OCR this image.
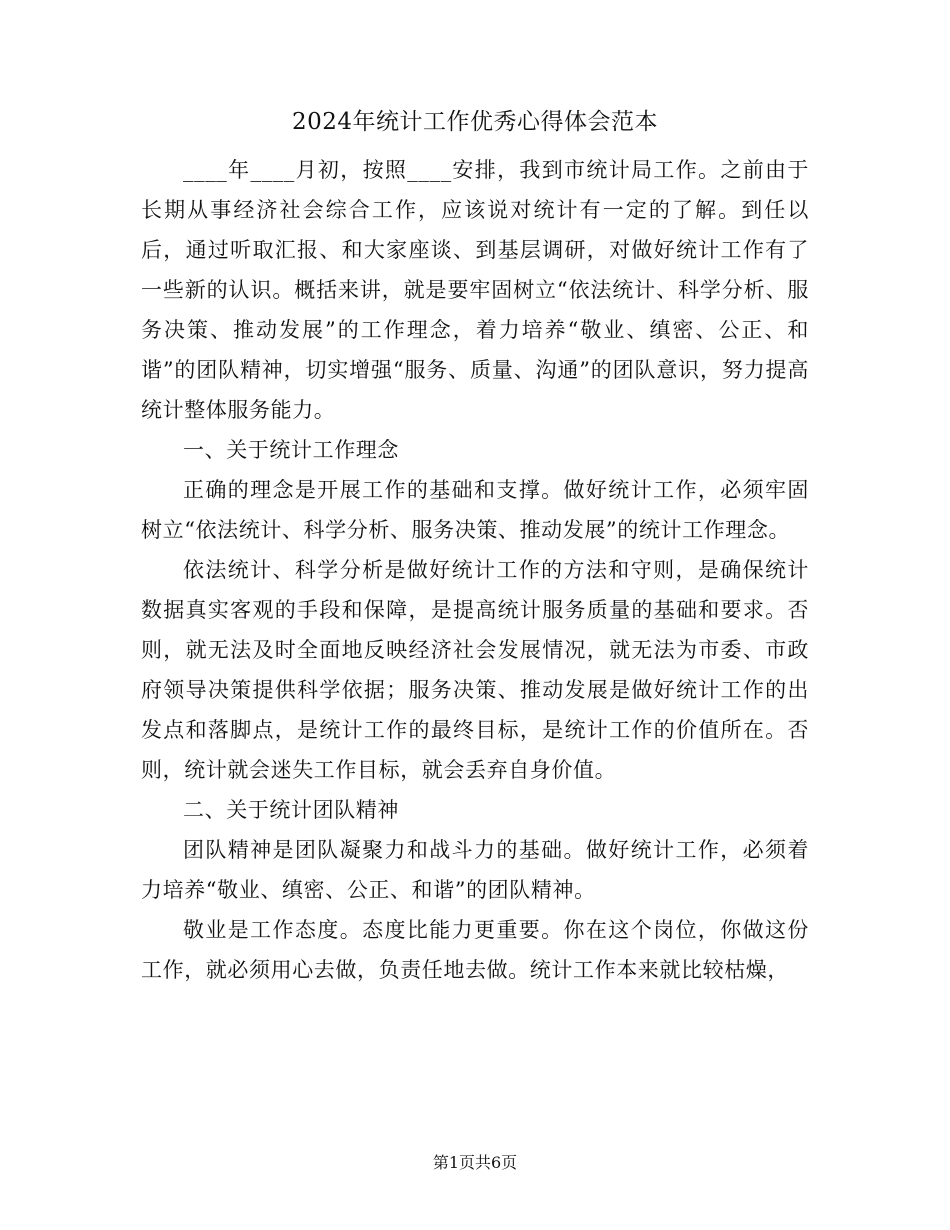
2024年统计工作优秀心得体会范本

____年____月初，按照____安排，我到市统计局工作。之前由于长期从事经济社会综合工作，应该说对统计有一定的了解。到任以后，通过听取汇报、和大家座谈、到基层调研，对做好统计工作有了一些新的认识。概括来讲，就是要牢固树立“依法统计、科学分析、服务决策、推动发展”的工作理念，着力培养“敬业、缜密、公正、和谐”的团队精神，切实增强“服务、质量、沟通”的团队意识，努力提高统计整体服务能力。

一、关于统计工作理念

正确的理念是开展工作的基础和支撑。做好统计工作，必须牢固树立“依法统计、科学分析、服务决策、推动发展”的统计工作理念。

依法统计、科学分析是做好统计工作的方法和守则，是确保统计数据真实客观的手段和保障，是提高统计服务质量的基础和要求。否则，就无法及时全面地反映经济社会发展情况，就无法为市委、市政府领导决策提供科学依据；服务决策、推动发展是做好统计工作的出发点和落脚点，是统计工作的最终目标，是统计工作的价值所在。否则，统计就会迷失工作目标，就会丢弃自身价值。

二、关于统计团队精神

团队精神是团队凝聚力和战斗力的基础。做好统计工作，必须着力培养“敬业、缜密、公正、和谐”的团队精神。

敬业是工作态度。态度比能力更重要。你在这个岗位，你做这份工作，就必须用心去做，负责任地去做。统计工作本来就比较枯燥，

第1页共6页
